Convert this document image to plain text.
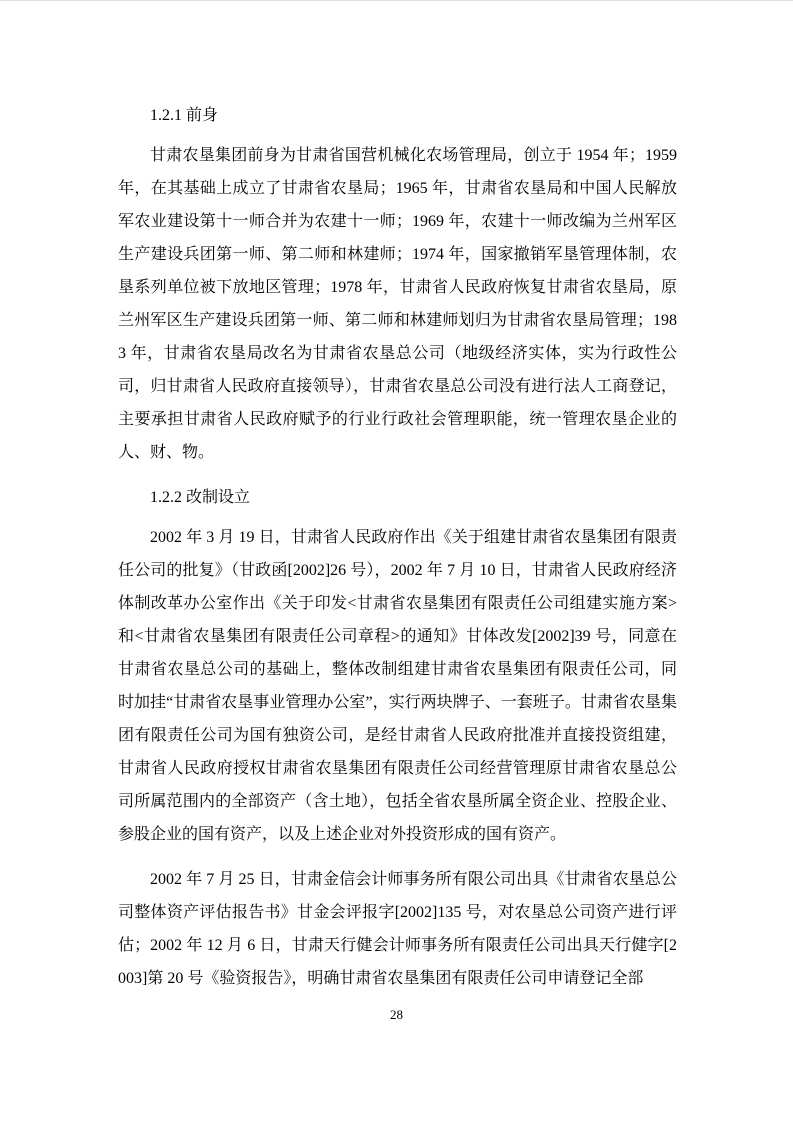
1.2.1 前身

甘肃农垦集团前身为甘肃省国营机械化农场管理局，创立于 1954 年；1959 年，在其基础上成立了甘肃省农垦局；1965 年，甘肃省农垦局和中国人民解放军农业建设第十一师合并为农建十一师；1969 年，农建十一师改编为兰州军区生产建设兵团第一师、第二师和林建师；1974 年，国家撤销军垦管理体制，农垦系列单位被下放地区管理；1978 年，甘肃省人民政府恢复甘肃省农垦局，原兰州军区生产建设兵团第一师、第二师和林建师划归为甘肃省农垦局管理；1983 年，甘肃省农垦局改名为甘肃省农垦总公司（地级经济实体，实为行政性公司，归甘肃省人民政府直接领导），甘肃省农垦总公司没有进行法人工商登记，主要承担甘肃省人民政府赋予的行业行政社会管理职能，统一管理农垦企业的人、财、物。

1.2.2 改制设立

2002 年 3 月 19 日，甘肃省人民政府作出《关于组建甘肃省农垦集团有限责任公司的批复》（甘政函[2002]26 号），2002 年 7 月 10 日，甘肃省人民政府经济体制改革办公室作出《关于印发<甘肃省农垦集团有限责任公司组建实施方案>和<甘肃省农垦集团有限责任公司章程>的通知》甘体改发[2002]39 号，同意在甘肃省农垦总公司的基础上，整体改制组建甘肃省农垦集团有限责任公司，同时加挂“甘肃省农垦事业管理办公室”，实行两块牌子、一套班子。甘肃省农垦集团有限责任公司为国有独资公司，是经甘肃省人民政府批准并直接投资组建，甘肃省人民政府授权甘肃省农垦集团有限责任公司经营管理原甘肃省农垦总公司所属范围内的全部资产（含土地），包括全省农垦所属全资企业、控股企业、参股企业的国有资产，以及上述企业对外投资形成的国有资产。

2002 年 7 月 25 日，甘肃金信会计师事务所有限公司出具《甘肃省农垦总公司整体资产评估报告书》甘金会评报字[2002]135 号，对农垦总公司资产进行评估；2002 年 12 月 6 日，甘肃天行健会计师事务所有限责任公司出具天行健字[2003]第 20 号《验资报告》，明确甘肃省农垦集团有限责任公司申请登记全部

28
